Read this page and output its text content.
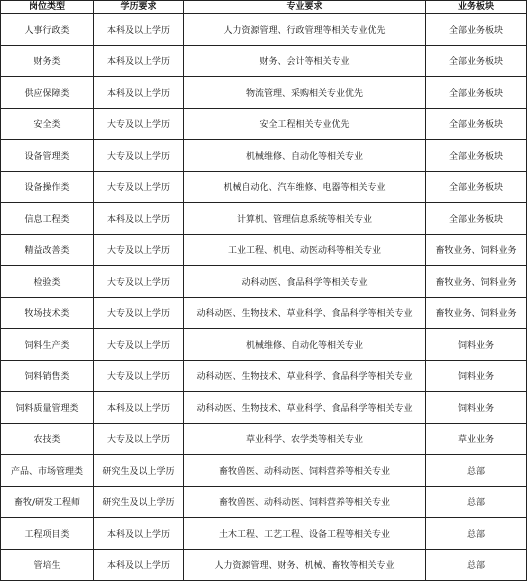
岗位类型	学历要求	专业要求	业务板块
人事行政类	本科及以上学历	人力资源管理、行政管理等相关专业优先	全部业务板块
财务类	本科及以上学历	财务、会计等相关专业	全部业务板块
供应保障类	本科及以上学历	物流管理、采购相关专业优先	全部业务板块
安全类	大专及以上学历	安全工程相关专业优先	全部业务板块
设备管理类	大专及以上学历	机械维修、自动化等相关专业	全部业务板块
设备操作类	大专及以上学历	机械自动化、汽车维修、电器等相关专业	全部业务板块
信息工程类	本科及以上学历	计算机、管理信息系统等相关专业	全部业务板块
精益改善类	大专及以上学历	工业工程、机电、动医动科等相关专业	畜牧业务、饲料业务
检验类	大专及以上学历	动科动医、食品科学等相关专业	畜牧业务、饲料业务
牧场技术类	大专及以上学历	动科动医、生物技术、草业科学、食品科学等相关专业	畜牧业务、饲料业务
饲料生产类	大专及以上学历	机械维修、自动化等相关专业	饲料业务
饲料销售类	大专及以上学历	动科动医、生物技术、草业科学、食品科学等相关专业	饲料业务
饲料质量管理类	本科及以上学历	动科动医、生物技术、草业科学、食品科学等相关专业	饲料业务
农技类	大专及以上学历	草业科学、农学类等相关专业	草业业务
产品、市场管理类	研究生及以上学历	畜牧兽医、动科动医、饲料营养等相关专业	总部
畜牧/研发工程师	研究生及以上学历	畜牧兽医、动科动医、饲料营养等相关专业	总部
工程项目类	本科及以上学历	土木工程、工艺工程、设备工程等相关专业	总部
管培生	本科及以上学历	人力资源管理、财务、机械、畜牧等相关专业	总部
